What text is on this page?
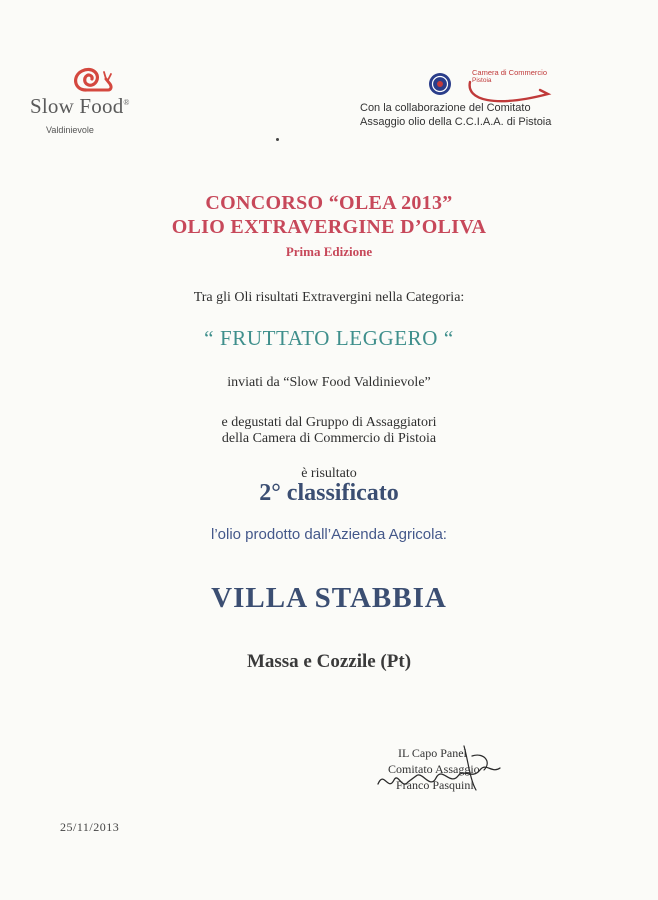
Slow Food®
Valdinievole
Camera di Commercio
Pistoia
Con la collaborazione del Comitato
Assaggio olio della C.C.I.A.A. di Pistoia
CONCORSO “OLEA 2013”
OLIO EXTRAVERGINE D’OLIVA
Prima Edizione
Tra gli Oli risultati Extravergini nella Categoria:
“ FRUTTATO LEGGERO “
inviati da “Slow Food Valdinievole”
e degustati dal Gruppo di Assaggiatori
della Camera di Commercio di Pistoia
è risultato
2° classificato
l’olio prodotto dall’Azienda Agricola:
VILLA STABBIA
Massa e Cozzile (Pt)
IL Capo Panel
Comitato Assaggio
Franco Pasquini
25/11/2013
